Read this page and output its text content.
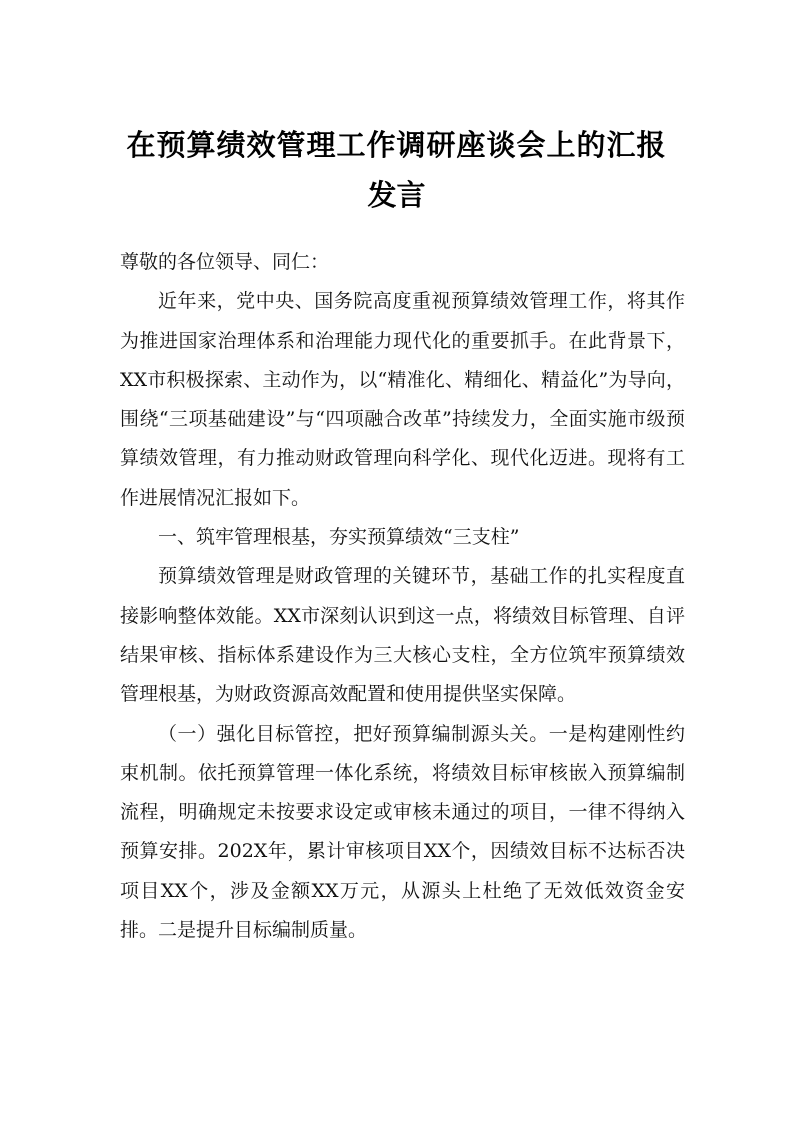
在预算绩效管理工作调研座谈会上的汇报
发言

尊敬的各位领导、同仁：

近年来，党中央、国务院高度重视预算绩效管理工作，将其作为推进国家治理体系和治理能力现代化的重要抓手。在此背景下，XX市积极探索、主动作为，以“精准化、精细化、精益化”为导向，围绕“三项基础建设”与“四项融合改革”持续发力，全面实施市级预算绩效管理，有力推动财政管理向科学化、现代化迈进。现将有工作进展情况汇报如下。

一、筑牢管理根基，夯实预算绩效“三支柱”

预算绩效管理是财政管理的关键环节，基础工作的扎实程度直接影响整体效能。XX市深刻认识到这一点，将绩效目标管理、自评结果审核、指标体系建设作为三大核心支柱，全方位筑牢预算绩效管理根基，为财政资源高效配置和使用提供坚实保障。

（一）强化目标管控，把好预算编制源头关。一是构建刚性约束机制。依托预算管理一体化系统，将绩效目标审核嵌入预算编制流程，明确规定未按要求设定或审核未通过的项目，一律不得纳入预算安排。202X年，累计审核项目XX个，因绩效目标不达标否决项目XX个，涉及金额XX万元，从源头上杜绝了无效低效资金安排。二是提升目标编制质量。
